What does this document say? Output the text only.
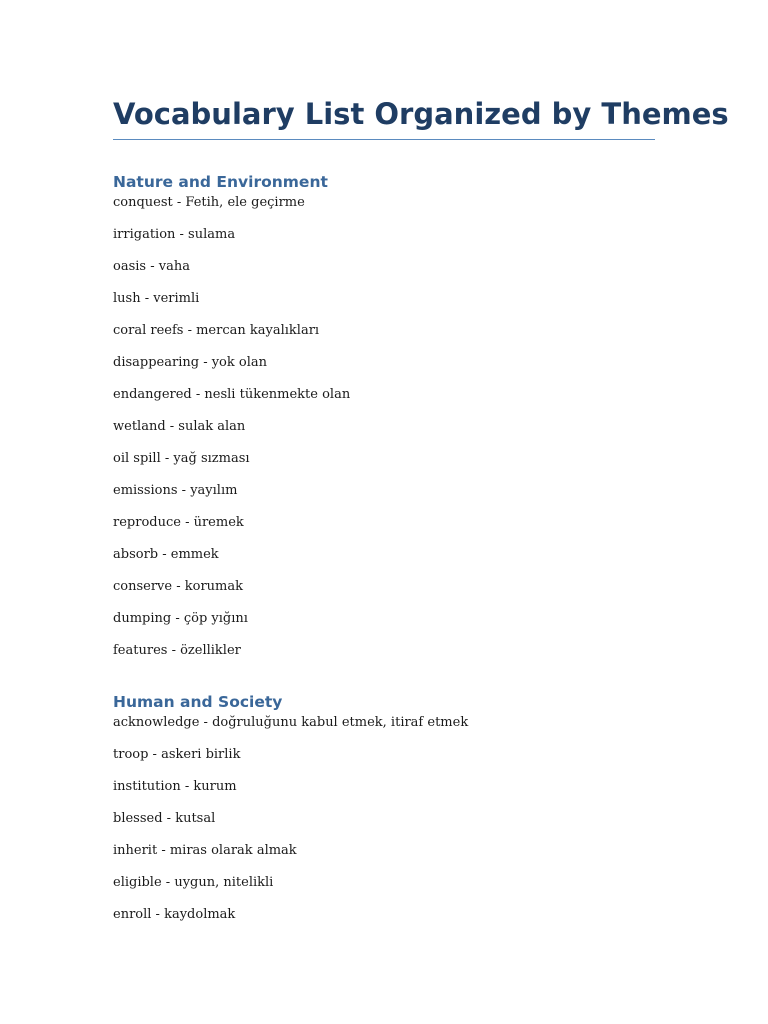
Vocabulary List Organized by Themes
Nature and Environment

conquest - Fetih, ele geçirme

irrigation - sulama

oasis - vaha

lush - verimli

coral reefs - mercan kayalıkları

disappearing - yok olan

endangered - nesli tükenmekte olan

wetland - sulak alan

oil spill - yağ sızması

emissions - yayılım

reproduce - üremek

absorb - emmek

conserve - korumak

dumping - çöp yığını

features - özellikler

Human and Society

acknowledge - doğruluğunu kabul etmek, itiraf etmek

troop - askeri birlik

institution - kurum

blessed - kutsal

inherit - miras olarak almak

eligible - uygun, nitelikli

enroll - kaydolmak
